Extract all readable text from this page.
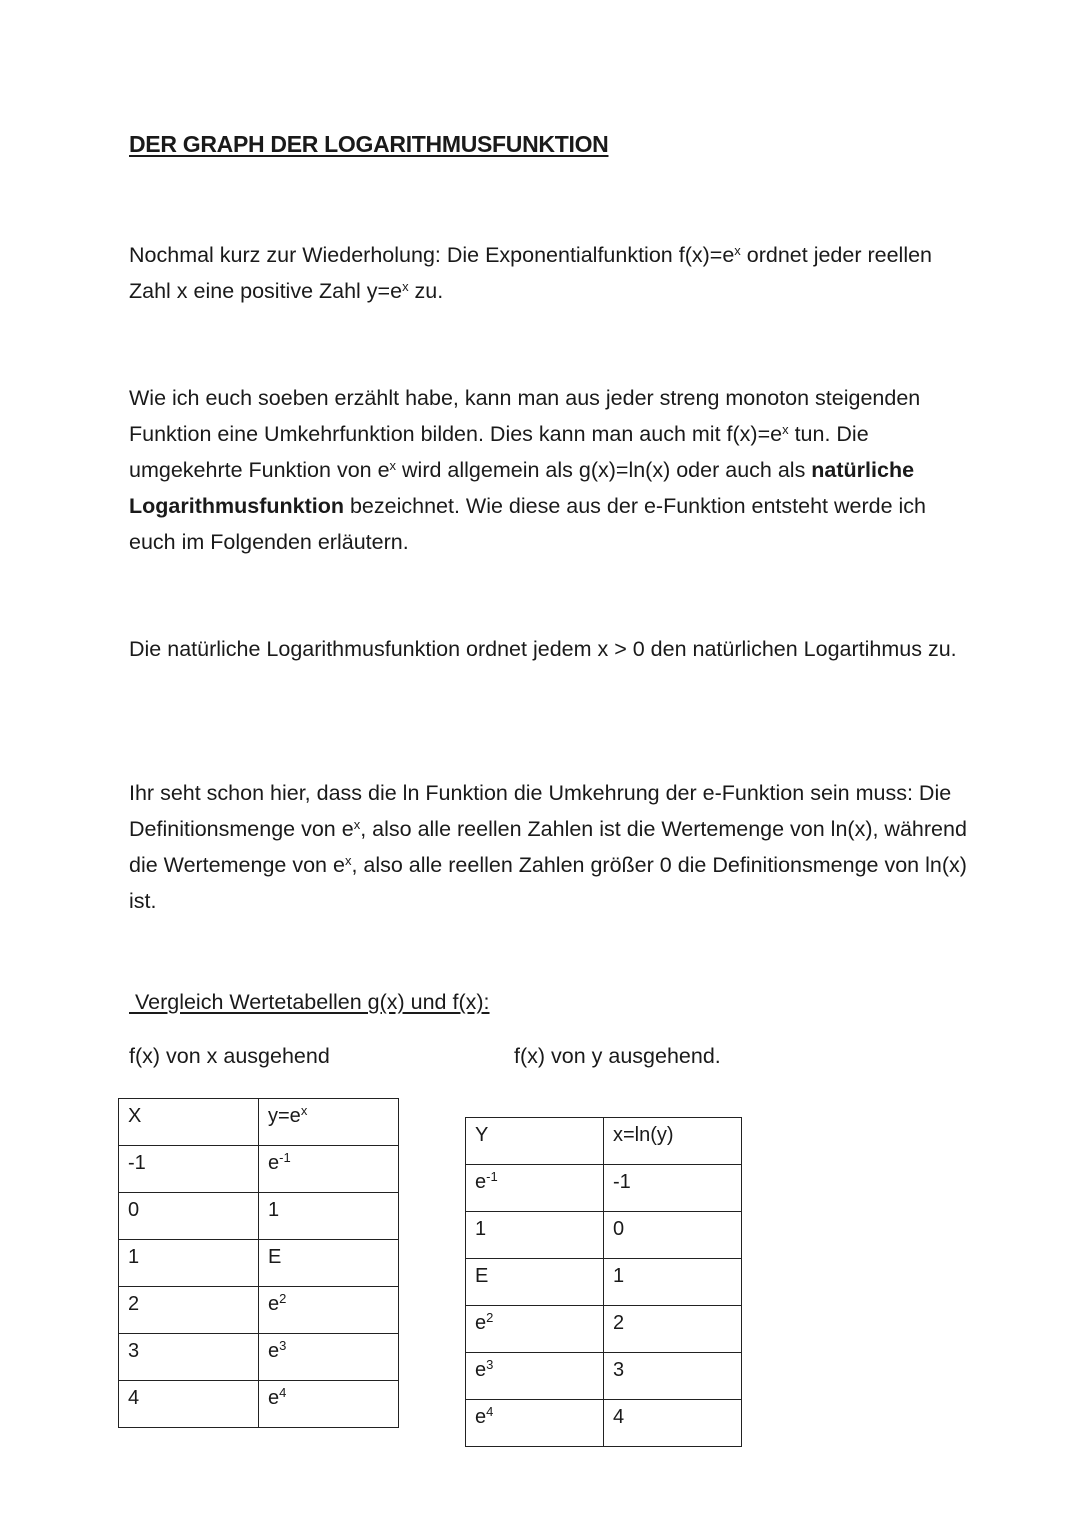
DER GRAPH DER LOGARITHMUSFUNKTION

Nochmal kurz zur Wiederholung: Die Exponentialfunktion $f(x)=e^x$ ordnet jeder reellen Zahl x eine positive Zahl $y=e^x$ zu.

Wie ich euch soeben erzählt habe, kann man aus jeder streng monoton steigenden Funktion eine Umkehrfunktion bilden. Dies kann man auch mit $f(x)=e^x$ tun. Die umgekehrte Funktion von $e^x$ wird allgemein als g(x)=ln(x) oder auch als natürliche Logarithmusfunktion bezeichnet. Wie diese aus der e-Funktion entsteht werde ich euch im Folgenden erläutern.

Die natürliche Logarithmusfunktion ordnet jedem x > 0 den natürlichen Logartihmus zu.

Ihr seht schon hier, dass die ln Funktion die Umkehrung der e-Funktion sein muss: Die Definitionsmenge von $e^x$, also alle reellen Zahlen ist die Wertemenge von ln(x), während die Wertemenge von $e^x$, also alle reellen Zahlen größer 0 die Definitionsmenge von ln(x) ist.

Vergleich Wertetabellen g(x) und f(x):

f(x) von x ausgehend	f(x) von y ausgehend.

X	$y=e^x$
-1	$e^{-1}$
0	1
1	E
2	$e^2$
3	$e^3$
4	$e^4$
Y	x=ln(y)
$e^{-1}$	-1
1	0
E	1
$e^2$	2
$e^3$	3
$e^4$	4
